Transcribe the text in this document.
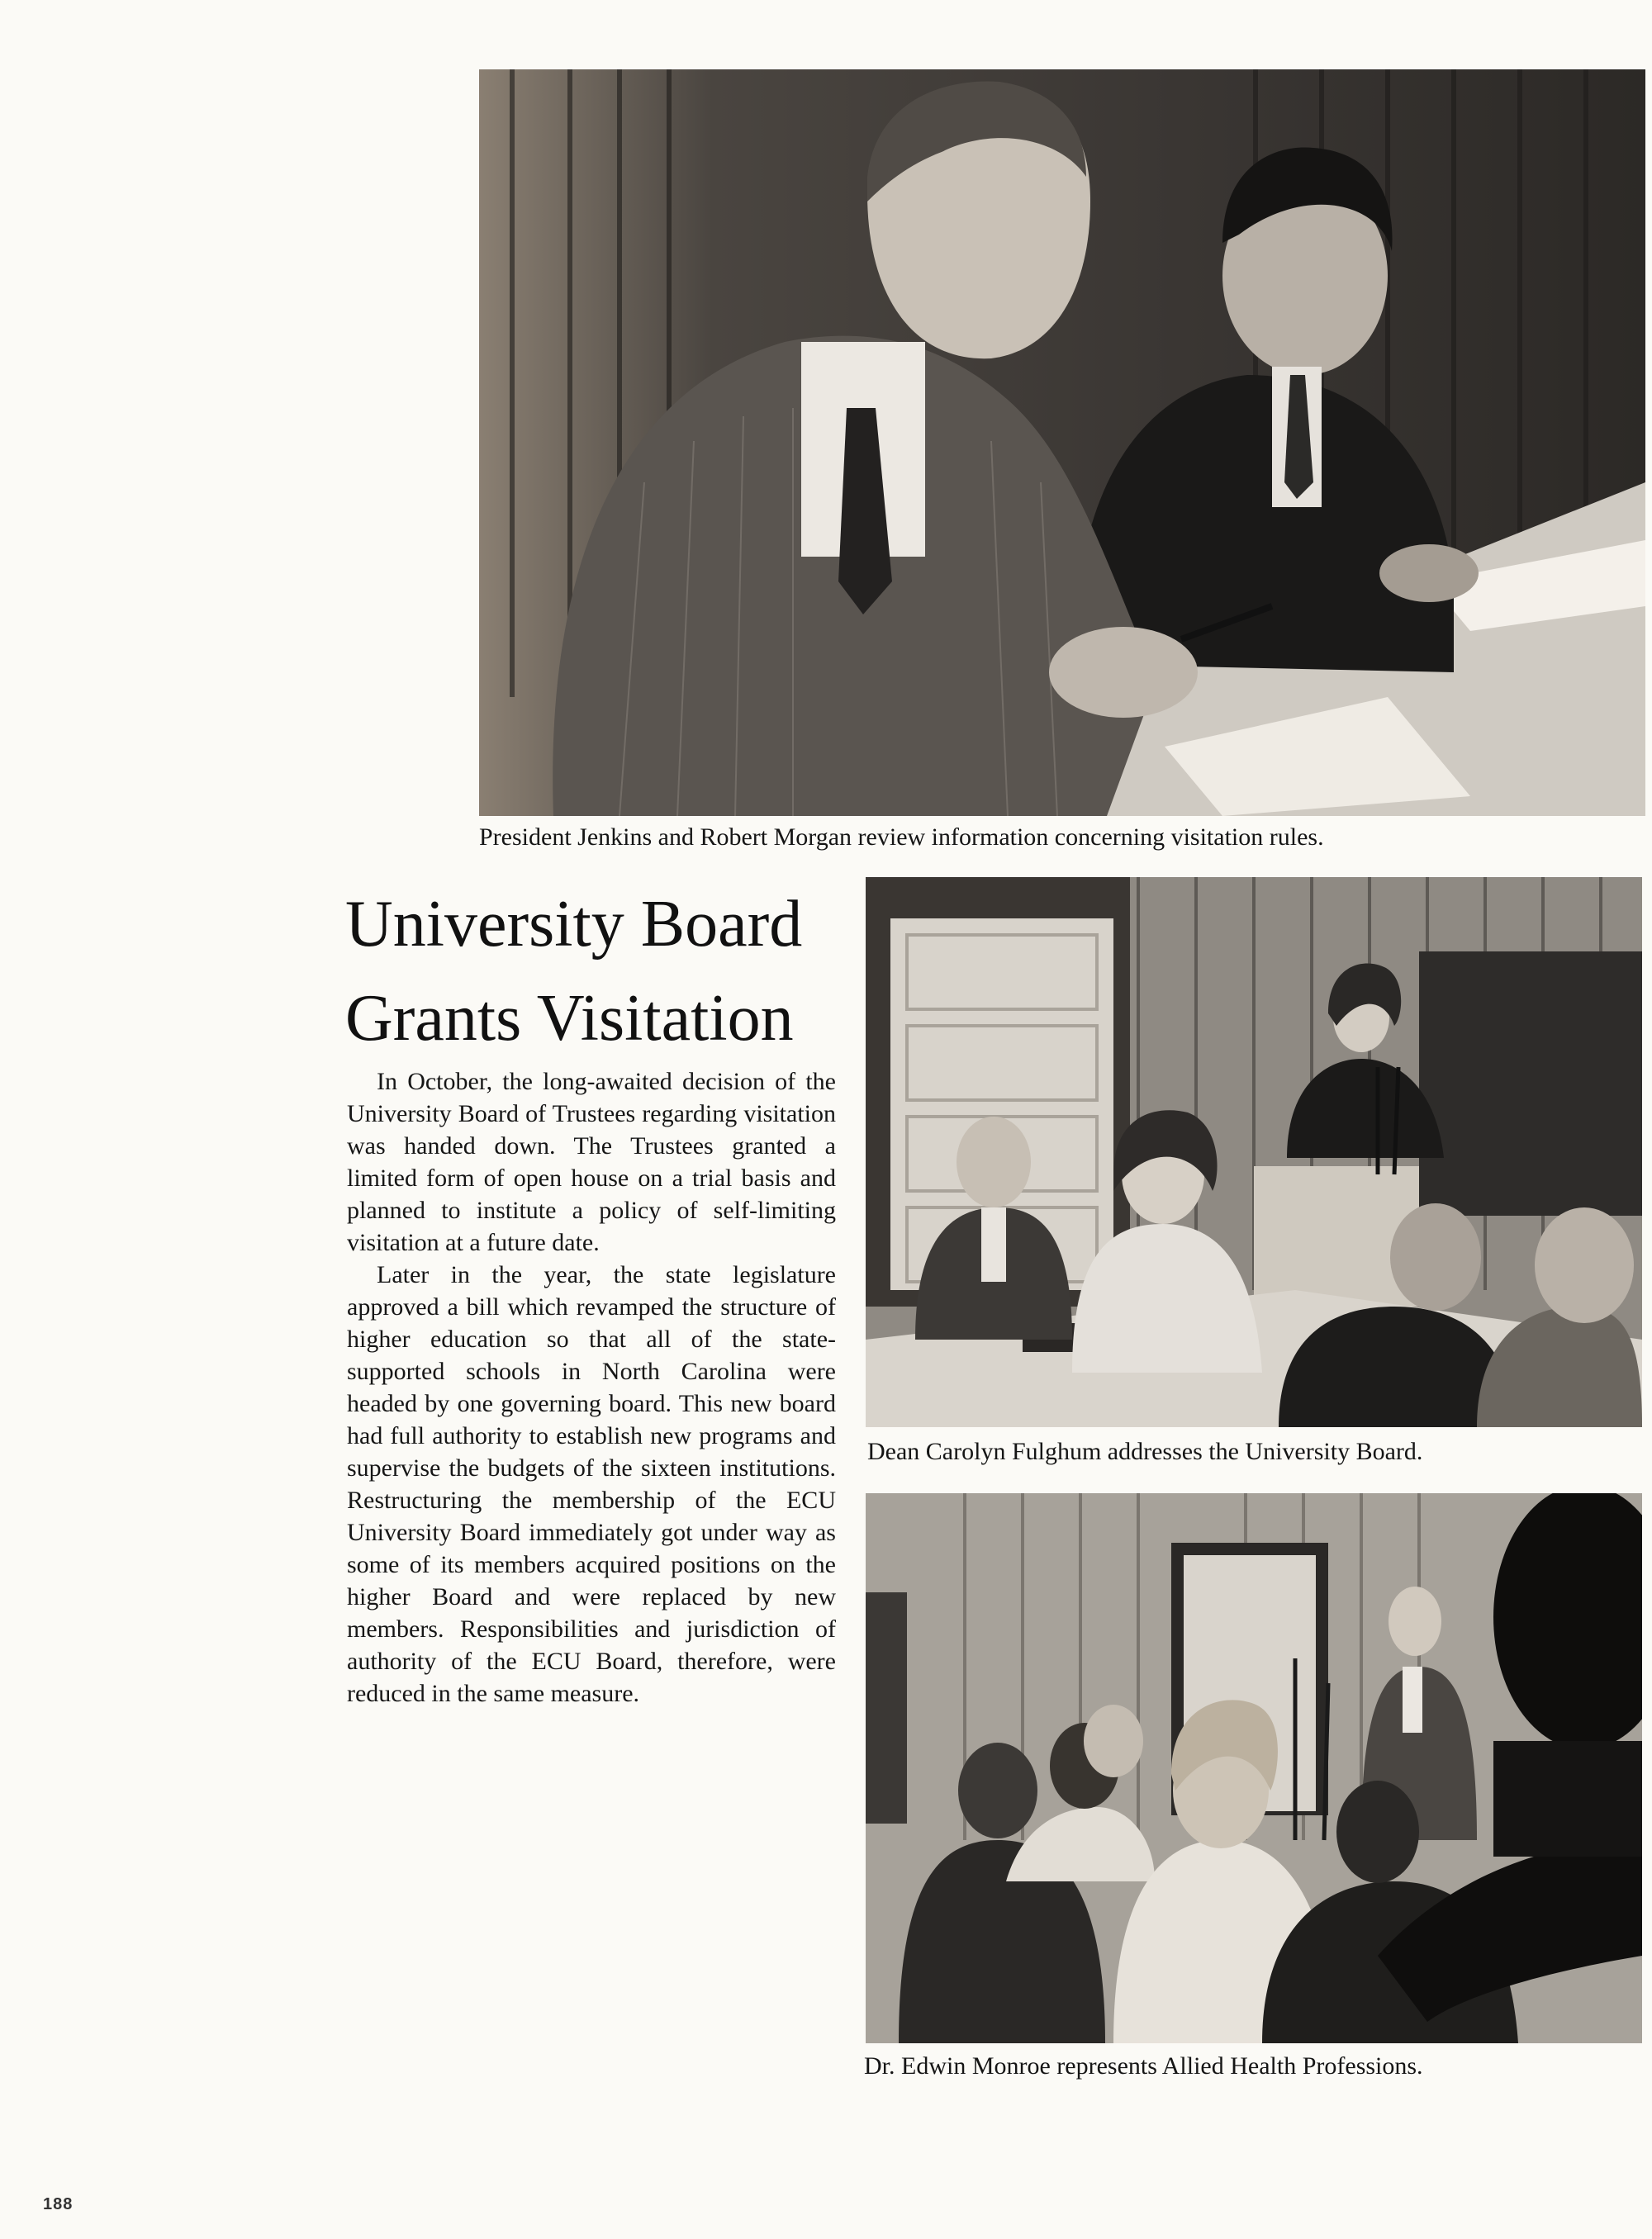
President Jenkins and Robert Morgan review information concerning visitation rules.
University Board
Grants Visitation

In October, the long-awaited decision of the University Board of Trustees regarding visitation was handed down. The Trustees granted a limited form of open house on a trial basis and planned to institute a policy of self-limiting visitation at a future date.

Later in the year, the state legislature approved a bill which revamped the structure of higher education so that all of the state-supported schools in North Carolina were headed by one governing board. This new board had full authority to establish new programs and supervise the budgets of the sixteen institutions. Restructuring the membership of the ECU University Board immediately got under way as some of its members acquired positions on the higher Board and were replaced by new members. Responsibilities and jurisdiction of authority of the ECU Board, therefore, were reduced in the same measure.

Dean Carolyn Fulghum addresses the University Board.
Dr. Edwin Monroe represents Allied Health Professions.
188
